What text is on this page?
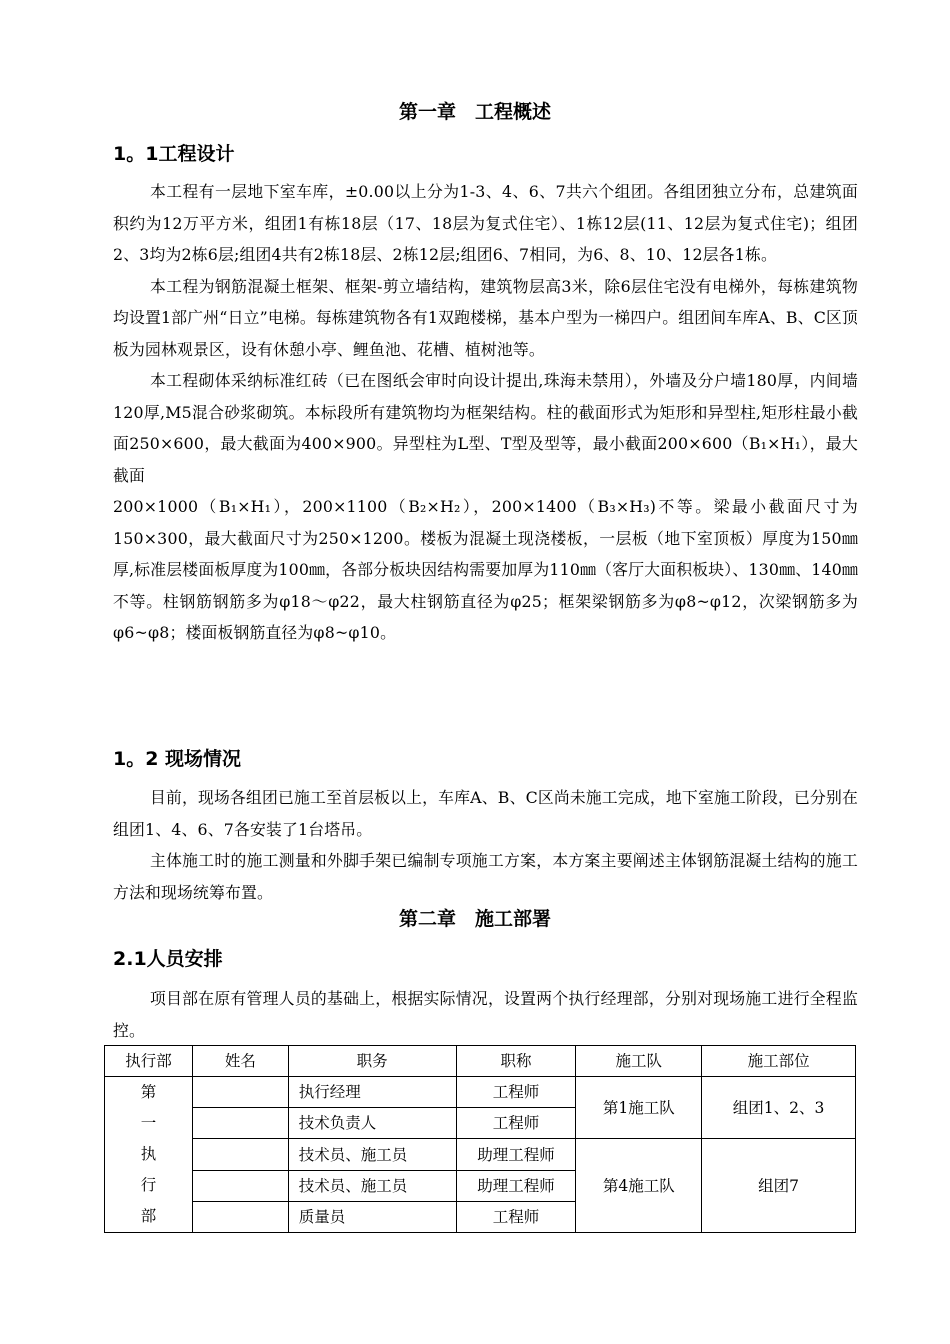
第一章　工程概述
1。1工程设计

本工程有一层地下室车库，±0.00以上分为1-3、4、6、7共六个组团。各组团独立分布，总建筑面积约为12万平方米，组团1有栋18层（17、18层为复式住宅）、1栋12层(11、12层为复式住宅)；组团2、3均为2栋6层;组团4共有2栋18层、2栋12层;组团6、7相同，为6、8、10、12层各1栋。

本工程为钢筋混凝土框架、框架-剪立墙结构，建筑物层高3米，除6层住宅没有电梯外，每栋建筑物均设置1部广州“日立”电梯。每栋建筑物各有1双跑楼梯，基本户型为一梯四户。组团间车库A、B、C区顶板为园林观景区，设有休憩小亭、鲤鱼池、花槽、植树池等。

本工程砌体采纳标准红砖（已在图纸会审时向设计提出,珠海未禁用），外墙及分户墙180厚，内间墙120厚,M5混合砂浆砌筑。本标段所有建筑物均为框架结构。柱的截面形式为矩形和异型柱,矩形柱最小截面250×600，最大截面为400×900。异型柱为L型、T型及型等，最小截面200×600（B₁×H₁），最大截面

200×1000（B₁×H₁），200×1100（B₂×H₂），200×1400（B₃×H₃)不等。梁最小截面尺寸为150×300，最大截面尺寸为250×1200。楼板为混凝土现浇楼板，一层板（地下室顶板）厚度为150㎜厚,标准层楼面板厚度为100㎜，各部分板块因结构需要加厚为110㎜（客厅大面积板块）、130㎜、140㎜不等。柱钢筋钢筋多为φ18～φ22，最大柱钢筋直径为φ25；框架梁钢筋多为φ8~φ12，次梁钢筋多为φ6~φ8；楼面板钢筋直径为φ8~φ10。

1。2 现场情况

目前，现场各组团已施工至首层板以上，车库A、B、C区尚未施工完成，地下室施工阶段，已分别在组团1、4、6、7各安装了1台塔吊。

主体施工时的施工测量和外脚手架已编制专项施工方案，本方案主要阐述主体钢筋混凝土结构的施工方法和现场统筹布置。

第二章　施工部署
2.1人员安排

项目部在原有管理人员的基础上，根据实际情况，设置两个执行经理部，分别对现场施工进行全程监控。

执行部	姓名	职务	职称	施工队	施工部位
第一执行部		执行经理	工程师	第1施工队	组团1、2、3
		技术负责人	工程师		
		技术员、施工员	助理工程师	第4施工队	组团7
		技术员、施工员	助理工程师		
		质量员	工程师		
